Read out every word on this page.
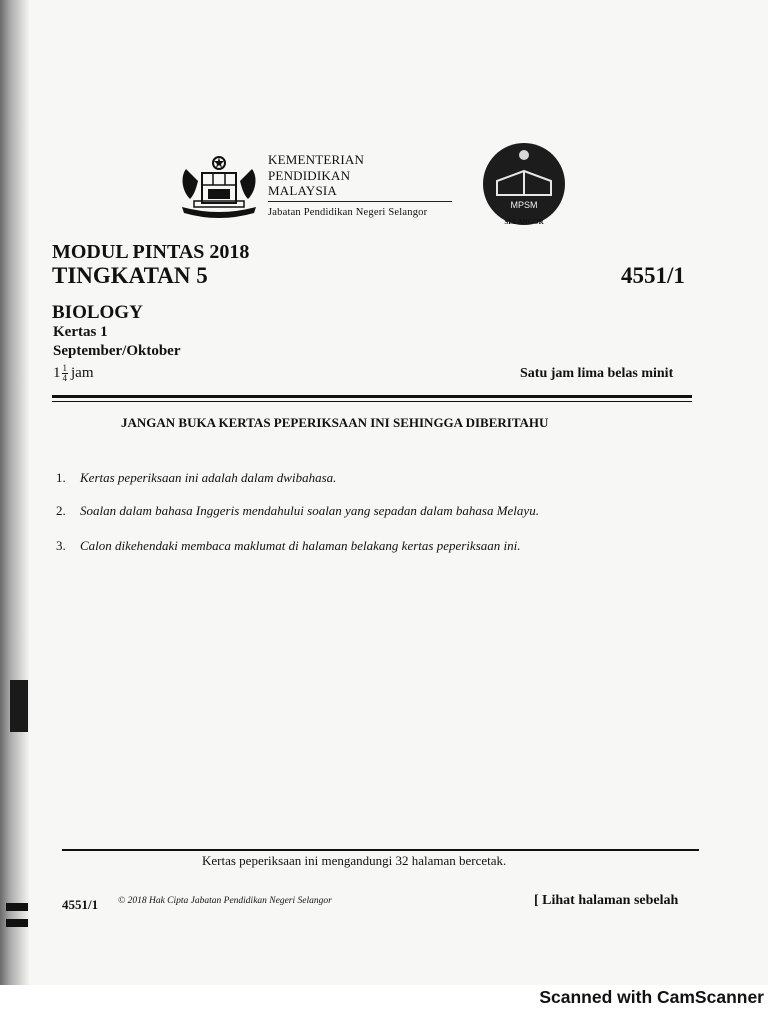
KEMENTERIAN
PENDIDIKAN
MALAYSIA
Jabatan Pendidikan Negeri Selangor
MPSM
SELANGOR
MODUL PINTAS 2018
TINGKATAN 5	4551/1
BIOLOGY
Kertas 1
September/Oktober
$1 \frac{1}{4}$ jam	Satu jam lima belas minit
JANGAN BUKA KERTAS PEPERIKSAAN INI SEHINGGA DIBERITAHU
1. Kertas peperiksaan ini adalah dalam dwibahasa.
2. Soalan dalam bahasa Inggeris mendahului soalan yang sepadan dalam bahasa Melayu.
3. Calon dikehendaki membaca maklumat di halaman belakang kertas peperiksaan ini.
Kertas peperiksaan ini mengandungi 32 halaman bercetak.
4551/1 © 2018 Hak Cipta Jabatan Pendidikan Negeri Selangor	[ Lihat halaman sebelah
Scanned with CamScanner
